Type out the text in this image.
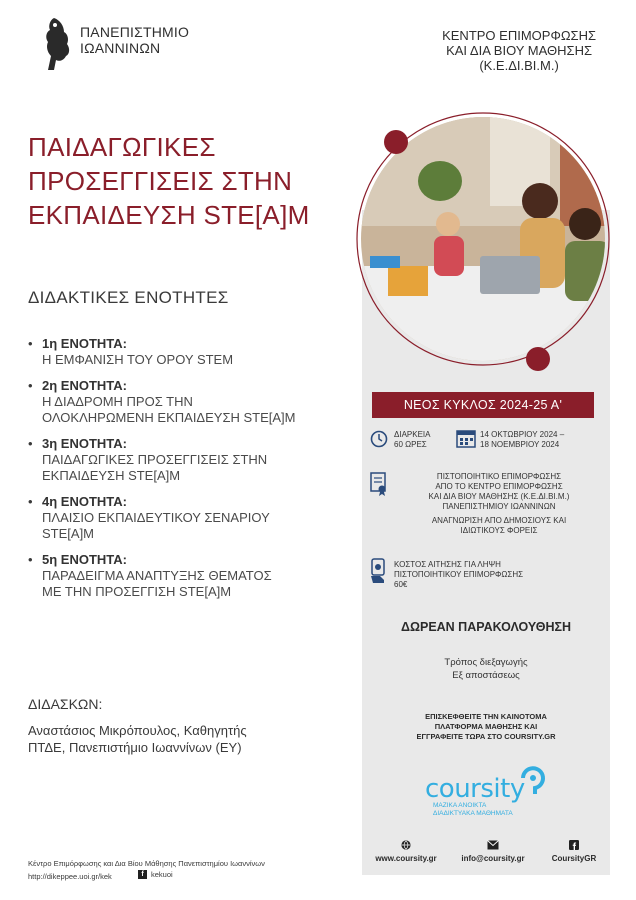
ΠΑΝΕΠΙΣΤΗΜΙΟ
ΙΩΑΝΝΙΝΩΝ
ΚΕΝΤΡΟ ΕΠΙΜΟΡΦΩΣΗΣ
ΚΑΙ ΔΙΑ ΒΙΟΥ ΜΑΘΗΣΗΣ
(Κ.Ε.ΔΙ.ΒΙ.Μ.)
ΠΑΙΔΑΓΩΓΙΚΕΣ
ΠΡΟΣΕΓΓΙΣΕΙΣ ΣΤΗΝ
ΕΚΠΑΙΔΕΥΣΗ STE[A]M
ΔΙΔΑΚΤΙΚΕΣ ΕΝΟΤΗΤΕΣ
• 1η ΕΝΟΤΗΤΑ:
Η ΕΜΦΑΝΙΣΗ ΤΟΥ ΟΡΟΥ STEM
• 2η ΕΝΟΤΗΤΑ:
Η ΔΙΑΔΡΟΜΗ ΠΡΟΣ ΤΗΝ
ΟΛΟΚΛΗΡΩΜΕΝΗ ΕΚΠΑΙΔΕΥΣΗ STE[A]M
• 3η ΕΝΟΤΗΤΑ:
ΠΑΙΔΑΓΩΓΙΚΕΣ ΠΡΟΣΕΓΓΙΣΕΙΣ ΣΤΗΝ
ΕΚΠΑΙΔΕΥΣΗ STE[A]M
• 4η ΕΝΟΤΗΤΑ:
ΠΛΑΙΣΙΟ ΕΚΠΑΙΔΕΥΤΙΚΟΥ ΣΕΝΑΡΙΟΥ
STE[A]M
• 5η ΕΝΟΤΗΤΑ:
ΠΑΡΑΔΕΙΓΜΑ ΑΝΑΠΤΥΞΗΣ ΘΕΜΑΤΟΣ
ΜΕ ΤΗΝ ΠΡΟΣΕΓΓΙΣΗ STE[A]M
ΔΙΔΑΣΚΩΝ:
Αναστάσιος Μικρόπουλος, Καθηγητής
ΠΤΔΕ, Πανεπιστήμιο Ιωαννίνων (ΕΥ)
Κέντρο Επιμόρφωσης και Δια Βίου Μάθησης Πανεπιστημίου Ιωαννίνων
http://dikeppee.uoi.gr/kek	f kekuoi
ΝΕΟΣ ΚΥΚΛΟΣ 2024-25 Α'
ΔΙΑΡΚΕΙΑ
60 ΩΡΕΣ
14 ΟΚΤΩΒΡΙΟΥ 2024 –
18 ΝΟΕΜΒΡΙΟΥ 2024
ΠΙΣΤΟΠΟΙΗΤΙΚΟ ΕΠΙΜΟΡΦΩΣΗΣ
ΑΠΟ ΤΟ ΚΕΝΤΡΟ ΕΠΙΜΟΡΦΩΣΗΣ
ΚΑΙ ΔΙΑ ΒΙΟΥ ΜΑΘΗΣΗΣ (Κ.Ε.ΔΙ.ΒΙ.Μ.)
ΠΑΝΕΠΙΣΤΗΜΙΟΥ ΙΩΑΝΝΙΝΩΝ
ΑΝΑΓΝΩΡΙΣΗ ΑΠΟ ΔΗΜΟΣΙΟΥΣ ΚΑΙ
ΙΔΙΩΤΙΚΟΥΣ ΦΟΡΕΙΣ
ΚΟΣΤΟΣ ΑΙΤΗΣΗΣ ΓΙΑ ΛΗΨΗ
ΠΙΣΤΟΠΟΙΗΤΙΚΟΥ ΕΠΙΜΟΡΦΩΣΗΣ
60€
ΔΩΡΕΑΝ ΠΑΡΑΚΟΛΟΥΘΗΣΗ
Τρόπος διεξαγωγής
Εξ αποστάσεως
ΕΠΙΣΚΕΦΘΕΙΤΕ ΤΗΝ ΚΑΙΝΟΤΟΜΑ
ΠΛΑΤΦΟΡΜΑ ΜΑΘΗΣΗΣ ΚΑΙ
ΕΓΓΡΑΦΕΙΤΕ ΤΩΡΑ ΣΤΟ COURSITY.GR
coursity
ΜΑΖΙΚΑ ΑΝΟΙΚΤΑ
ΔΙΑΔΙΚΤΥΑΚΑ ΜΑΘΗΜΑΤΑ
www.coursity.gr	info@coursity.gr	CoursityGR
